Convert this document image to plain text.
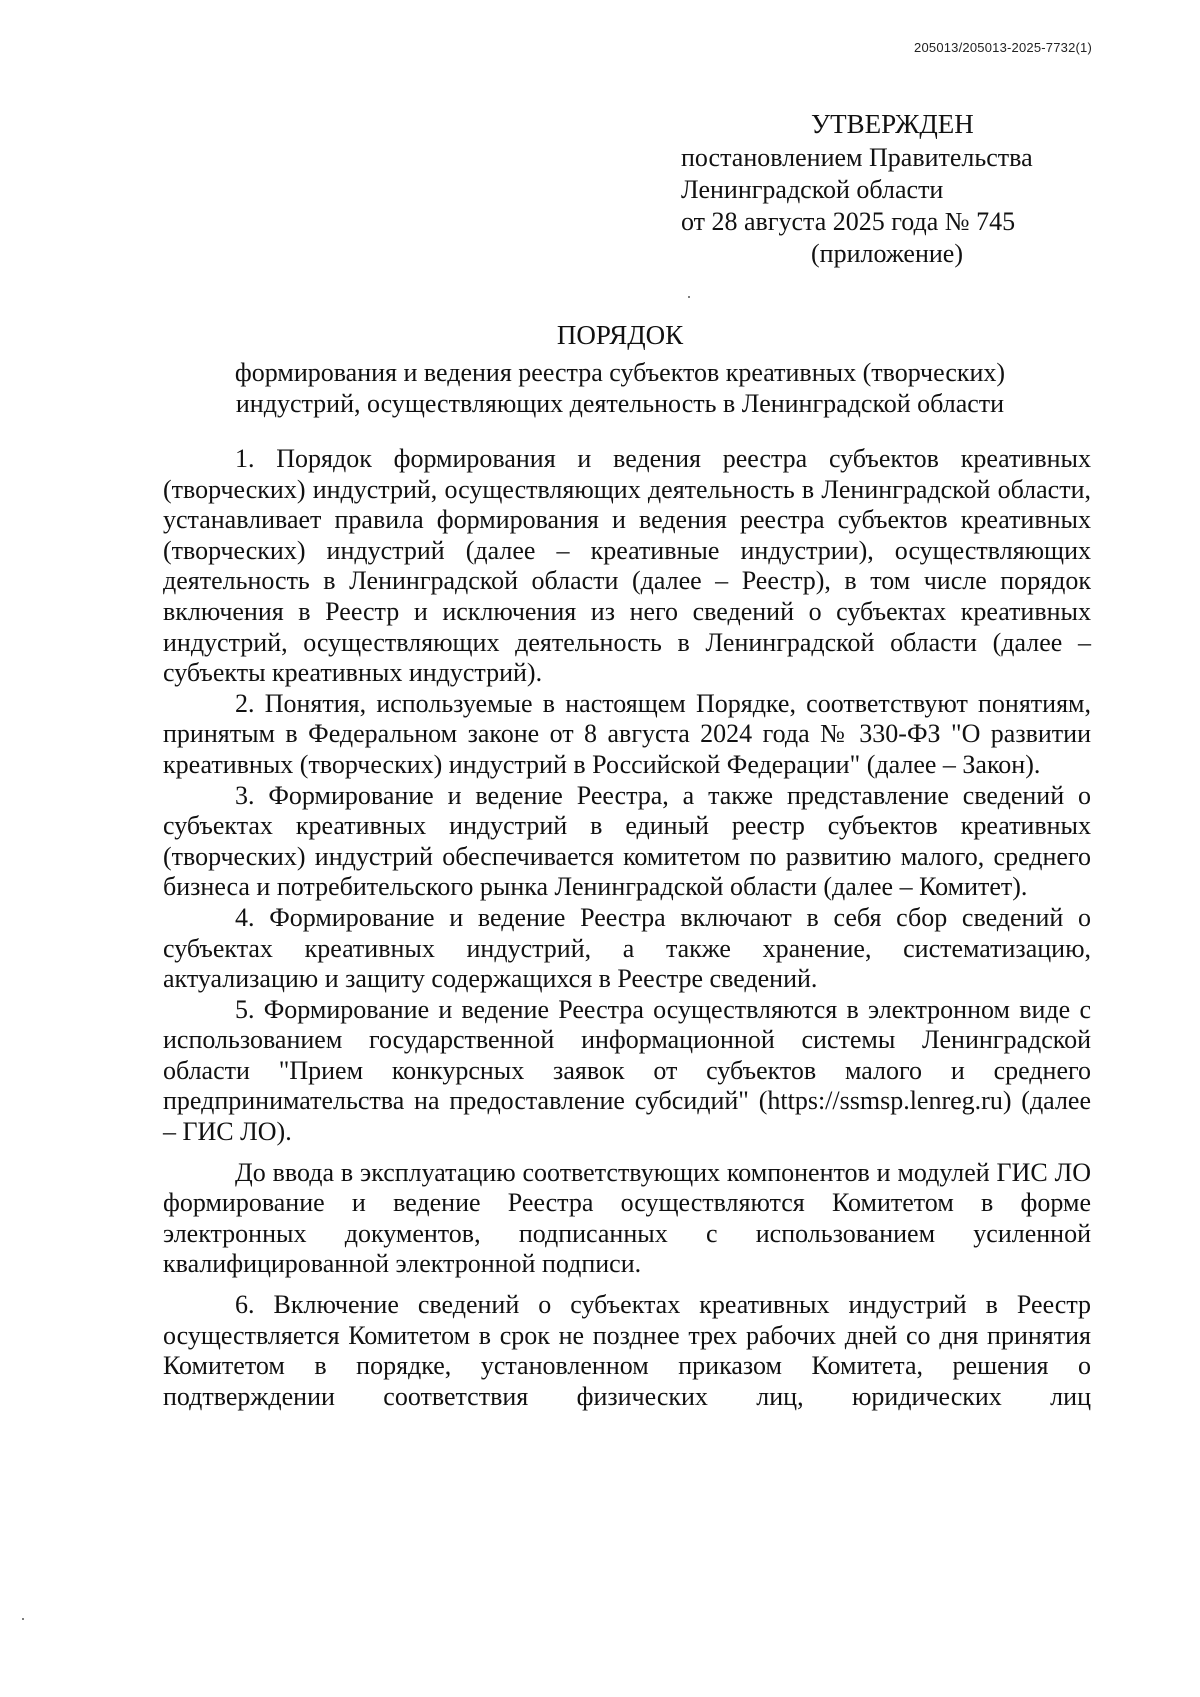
205013/205013-2025-7732(1)
УТВЕРЖДЕН
постановлением Правительства
Ленинградской области
от 28 августа 2025 года № 745
(приложение)
ПОРЯДОК
формирования и ведения реестра субъектов креативных (творческих)
индустрий, осуществляющих деятельность в Ленинградской области

1. Порядок формирования и ведения реестра субъектов креативных (творческих) индустрий, осуществляющих деятельность в Ленинградской области, устанавливает правила формирования и ведения реестра субъектов креативных (творческих) индустрий (далее – креативные индустрии), осуществляющих деятельность в Ленинградской области (далее – Реестр), в том числе порядок включения в Реестр и исключения из него сведений о субъектах креативных индустрий, осуществляющих деятельность в Ленинградской области (далее – субъекты креативных индустрий).

2. Понятия, используемые в настоящем Порядке, соответствуют понятиям, принятым в Федеральном законе от 8 августа 2024 года № 330-ФЗ "О развитии креативных (творческих) индустрий в Российской Федерации" (далее – Закон).

3. Формирование и ведение Реестра, а также представление сведений о субъектах креативных индустрий в единый реестр субъектов креативных (творческих) индустрий обеспечивается комитетом по развитию малого, среднего бизнеса и потребительского рынка Ленинградской области (далее – Комитет).

4. Формирование и ведение Реестра включают в себя сбор сведений о субъектах креативных индустрий, а также хранение, систематизацию, актуализацию и защиту содержащихся в Реестре сведений.

5. Формирование и ведение Реестра осуществляются в электронном виде с использованием государственной информационной системы Ленинградской области "Прием конкурсных заявок от субъектов малого и среднего предпринимательства на предоставление субсидий" (https://ssmsp.lenreg.ru) (далее – ГИС ЛО).

До ввода в эксплуатацию соответствующих компонентов и модулей ГИС ЛО формирование и ведение Реестра осуществляются Комитетом в форме электронных документов, подписанных с использованием усиленной квалифицированной электронной подписи.

6. Включение сведений о субъектах креативных индустрий в Реестр осуществляется Комитетом в срок не позднее трех рабочих дней со дня принятия Комитетом в порядке, установленном приказом Комитета, решения о подтверждении соответствия физических лиц, юридических лиц
